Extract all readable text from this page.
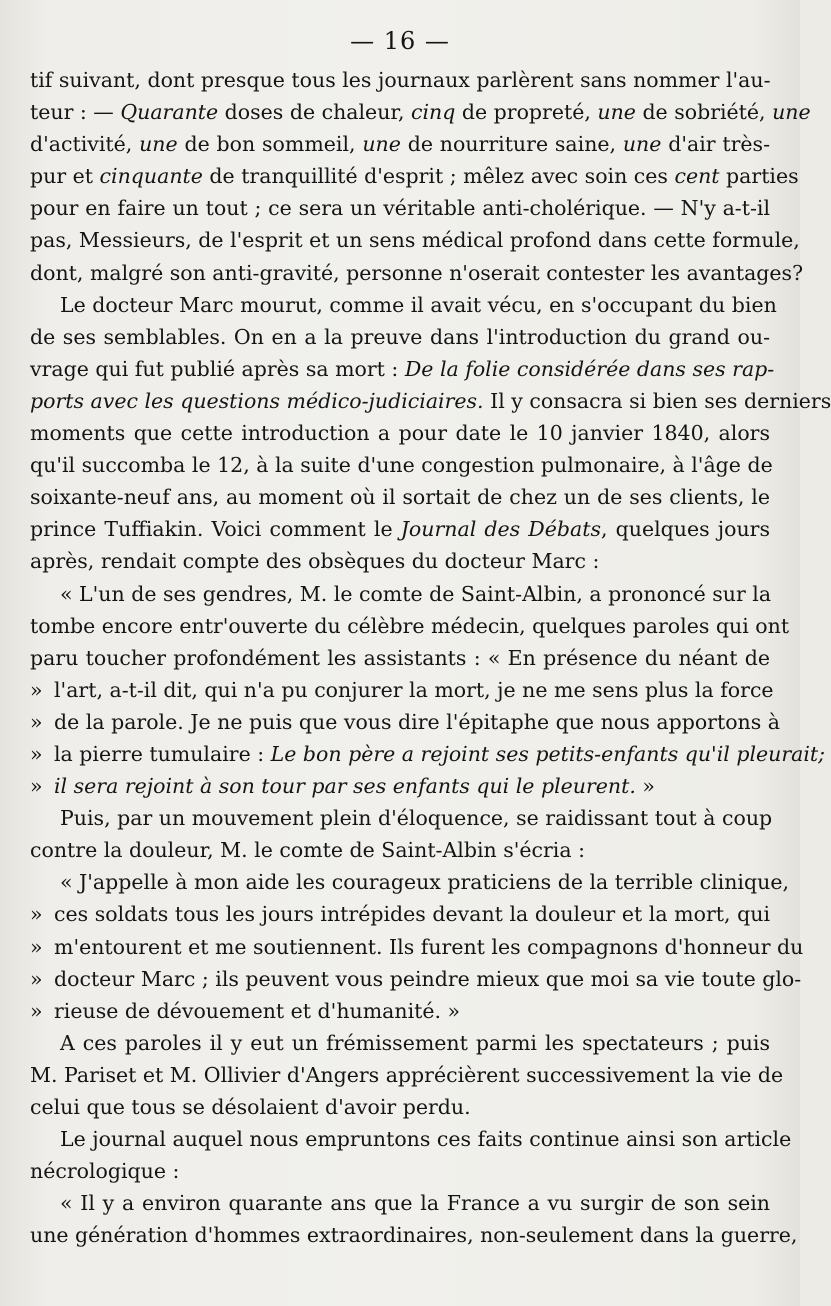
— 16 —
tif suivant, dont presque tous les journaux parlèrent sans nommer l'au-
teur : — Quarante doses de chaleur, cinq de propreté, une de sobriété, une
d'activité, une de bon sommeil, une de nourriture saine, une d'air très-
pur et cinquante de tranquillité d'esprit ; mêlez avec soin ces cent parties
pour en faire un tout ; ce sera un véritable anti-cholérique. — N'y a-t-il
pas, Messieurs, de l'esprit et un sens médical profond dans cette formule,
dont, malgré son anti-gravité, personne n'oserait contester les avantages?
Le docteur Marc mourut, comme il avait vécu, en s'occupant du bien
de ses semblables. On en a la preuve dans l'introduction du grand ou-
vrage qui fut publié après sa mort : De la folie considérée dans ses rap-
ports avec les questions médico-judiciaires. Il y consacra si bien ses derniers
moments que cette introduction a pour date le 10 janvier 1840, alors
qu'il succomba le 12, à la suite d'une congestion pulmonaire, à l'âge de
soixante-neuf ans, au moment où il sortait de chez un de ses clients, le
prince Tuffiakin. Voici comment le Journal des Débats, quelques jours
après, rendait compte des obsèques du docteur Marc :
« L'un de ses gendres, M. le comte de Saint-Albin, a prononcé sur la
tombe encore entr'ouverte du célèbre médecin, quelques paroles qui ont
paru toucher profondément les assistants : « En présence du néant de
» l'art, a-t-il dit, qui n'a pu conjurer la mort, je ne me sens plus la force
» de la parole. Je ne puis que vous dire l'épitaphe que nous apportons à
» la pierre tumulaire : Le bon père a rejoint ses petits-enfants qu'il pleurait;
» il sera rejoint à son tour par ses enfants qui le pleurent. »
Puis, par un mouvement plein d'éloquence, se raidissant tout à coup
contre la douleur, M. le comte de Saint-Albin s'écria :
« J'appelle à mon aide les courageux praticiens de la terrible clinique,
» ces soldats tous les jours intrépides devant la douleur et la mort, qui
» m'entourent et me soutiennent. Ils furent les compagnons d'honneur du
» docteur Marc ; ils peuvent vous peindre mieux que moi sa vie toute glo-
» rieuse de dévouement et d'humanité. »
A ces paroles il y eut un frémissement parmi les spectateurs ; puis
M. Pariset et M. Ollivier d'Angers apprécièrent successivement la vie de
celui que tous se désolaient d'avoir perdu.
Le journal auquel nous empruntons ces faits continue ainsi son article
nécrologique :
« Il y a environ quarante ans que la France a vu surgir de son sein
une génération d'hommes extraordinaires, non-seulement dans la guerre,
